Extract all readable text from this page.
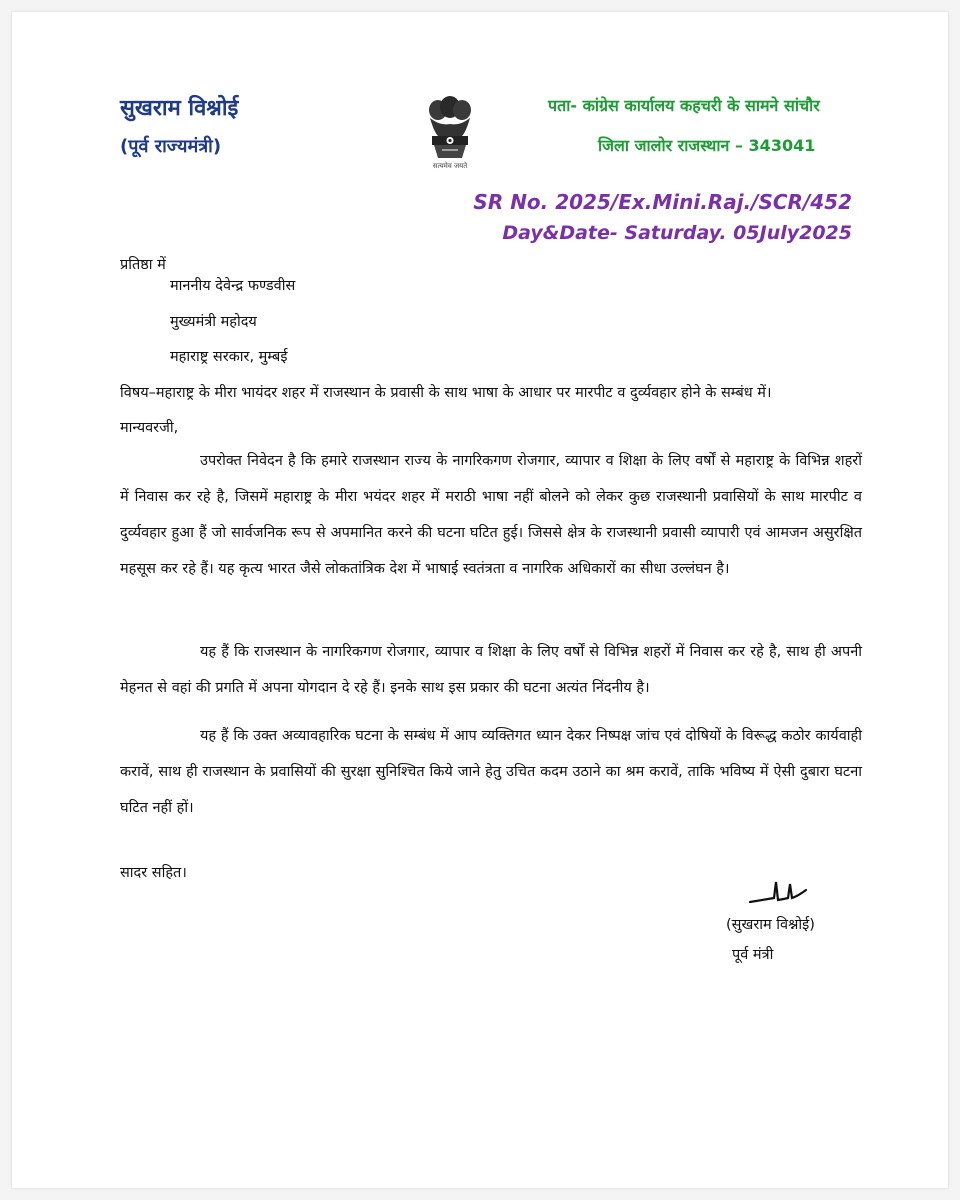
सुखराम विश्नोई
(पूर्व राज्यमंत्री)
सत्यमेव जयते
पता- कांग्रेस कार्यालय कहचरी के सामने सांचौर
जिला जालोर राजस्थान – 343041
SR No. 2025/Ex.Mini.Raj./SCR/452
Day&Date- Saturday. 05July2025
प्रतिष्ठा में
माननीय देवेन्द्र फण्डवीस
मुख्यमंत्री महोदय
महाराष्ट्र सरकार, मुम्बई
विषय–महाराष्ट्र के मीरा भायंदर शहर में राजस्थान के प्रवासी के साथ भाषा के आधार पर मारपीट व दुर्व्यवहार होने के सम्बंध में।
मान्यवरजी,
उपरोक्त निवेदन है कि हमारे राजस्थान राज्य के नागरिकगण रोजगार, व्यापार व शिक्षा के लिए वर्षों से महाराष्ट्र के विभिन्न शहरों में निवास कर रहे है, जिसमें महाराष्ट्र के मीरा भयंदर शहर में मराठी भाषा नहीं बोलने को लेकर कुछ राजस्थानी प्रवासियों के साथ मारपीट व दुर्व्यवहार हुआ हैं जो सार्वजनिक रूप से अपमानित करने की घटना घटित हुई। जिससे क्षेत्र के राजस्थानी प्रवासी व्यापारी एवं आमजन असुरक्षित महसूस कर रहे हैं। यह कृत्य भारत जैसे लोकतांत्रिक देश में भाषाई स्वतंत्रता व नागरिक अधिकारों का सीधा उल्लंघन है।
यह हैं कि राजस्थान के नागरिकगण रोजगार, व्यापार व शिक्षा के लिए वर्षों से विभिन्न शहरों में निवास कर रहे है, साथ ही अपनी मेहनत से वहां की प्रगति में अपना योगदान दे रहे हैं। इनके साथ इस प्रकार की घटना अत्यंत निंदनीय है।
यह हैं कि उक्त अव्यावहारिक घटना के सम्बंध में आप व्यक्तिगत ध्यान देकर निष्पक्ष जांच एवं दोषियों के विरूद्ध कठोर कार्यवाही करावें, साथ ही राजस्थान के प्रवासियों की सुरक्षा सुनिश्चित किये जाने हेतु उचित कदम उठाने का श्रम करावें, ताकि भविष्य में ऐसी दुबारा घटना घटित नहीं हों।
सादर सहित।
(सुखराम विश्नोई)
पूर्व मंत्री
